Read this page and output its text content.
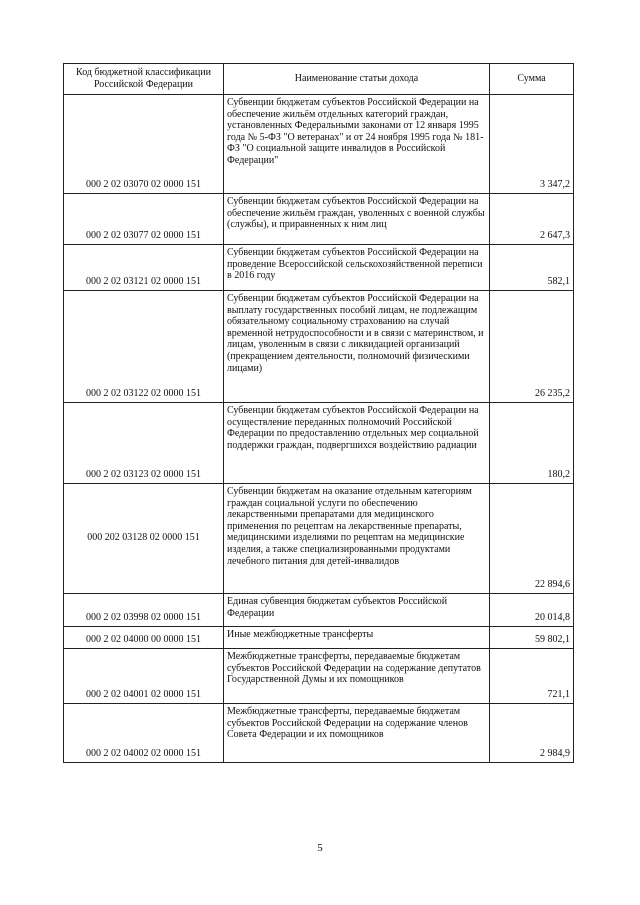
Код бюджетной классификации Российской Федерации	Наименование статьи дохода	Сумма
000 2 02 03070 02 0000 151	Субвенции бюджетам субъектов Российской Федерации на обеспечение жильём отдельных категорий граждан, установленных Федеральными законами от 12 января 1995 года № 5-ФЗ "О ветеранах" и от 24 ноября 1995 года № 181-ФЗ "О социальной защите инвалидов в Российской Федерации"	3 347,2
000 2 02 03077 02 0000 151	Субвенции бюджетам субъектов Российской Федерации на обеспечение жильём граждан, уволенных с военной службы (службы), и приравненных к ним лиц	2 647,3
000 2 02 03121 02 0000 151	Субвенции бюджетам субъектов Российской Федерации на проведение Всероссийской сельскохозяйственной переписи в 2016 году	582,1
000 2 02 03122 02 0000 151	Субвенции бюджетам субъектов Российской Федерации на выплату государственных пособий лицам, не подлежащим обязательному социальному страхованию на случай временной нетрудоспособности и в связи с материнством, и лицам, уволенным в связи с ликвидацией организаций (прекращением деятельности, полномочий физическими лицами)	26 235,2
000 2 02 03123 02 0000 151	Субвенции бюджетам субъектов Российской Федерации на осуществление переданных полномочий Российской Федерации по предоставлению отдельных мер социальной поддержки граждан, подвергшихся воздействию радиации	180,2
000 202 03128 02 0000 151	Субвенции бюджетам на оказание отдельным категориям граждан социальной услуги по обеспечению лекарственными препаратами для медицинского применения по рецептам на лекарственные препараты, медицинскими изделиями по рецептам на медицинские изделия, а также специализированными продуктами лечебного питания для детей-инвалидов	22 894,6
000 2 02 03998 02 0000 151	Единая субвенция бюджетам субъектов Российской Федерации	20 014,8
000 2 02 04000 00 0000 151	Иные межбюджетные трансферты	59 802,1
000 2 02 04001 02 0000 151	Межбюджетные трансферты, передаваемые бюджетам субъектов Российской Федерации на содержание депутатов Государственной Думы и их помощников	721,1
000 2 02 04002 02 0000 151	Межбюджетные трансферты, передаваемые бюджетам субъектов Российской Федерации на содержание членов Совета Федерации и их помощников	2 984,9
5
